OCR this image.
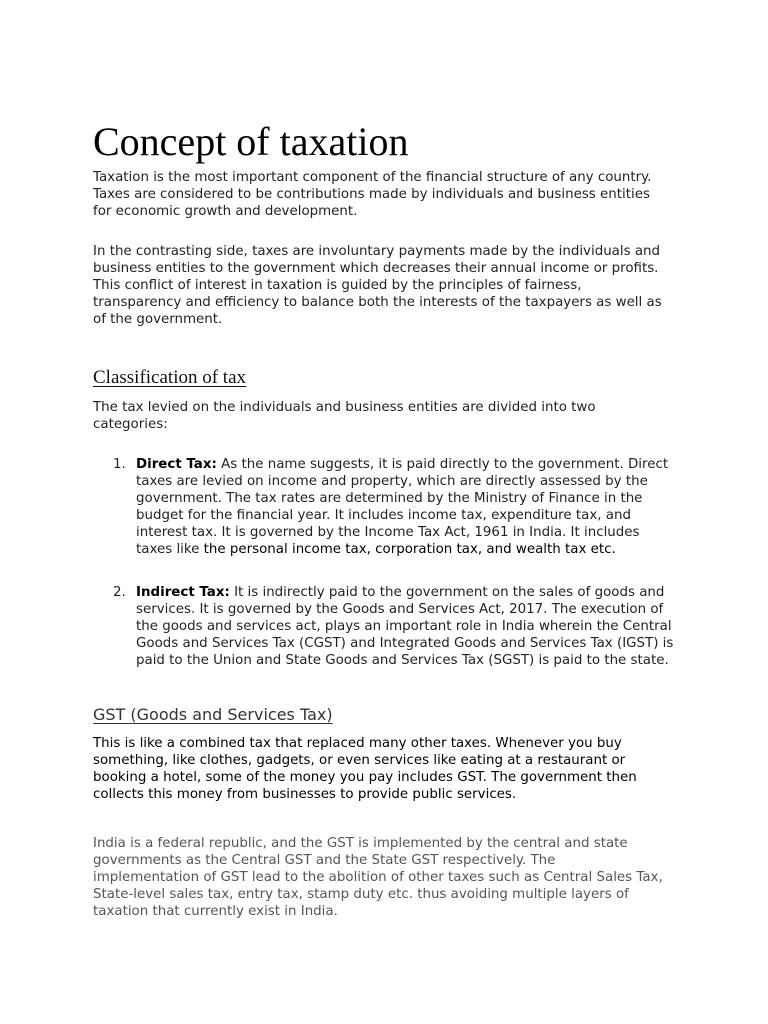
Concept of taxation

Taxation is the most important component of the financial structure of any country. Taxes are considered to be contributions made by individuals and business entities for economic growth and development.

In the contrasting side, taxes are involuntary payments made by the individuals and business entities to the government which decreases their annual income or profits. This conflict of interest in taxation is guided by the principles of fairness, transparency and efficiency to balance both the interests of the taxpayers as well as of the government.

Classification of tax

The tax levied on the individuals and business entities are divided into two categories:

1. Direct Tax: As the name suggests, it is paid directly to the government. Direct taxes are levied on income and property, which are directly assessed by the government. The tax rates are determined by the Ministry of Finance in the budget for the financial year. It includes income tax, expenditure tax, and interest tax. It is governed by the Income Tax Act, 1961 in India. It includes taxes like the personal income tax, corporation tax, and wealth tax etc.
2. Indirect Tax: It is indirectly paid to the government on the sales of goods and services. It is governed by the Goods and Services Act, 2017. The execution of the goods and services act, plays an important role in India wherein the Central Goods and Services Tax (CGST) and Integrated Goods and Services Tax (IGST) is paid to the Union and State Goods and Services Tax (SGST) is paid to the state.
GST (Goods and Services Tax)

This is like a combined tax that replaced many other taxes. Whenever you buy something, like clothes, gadgets, or even services like eating at a restaurant or booking a hotel, some of the money you pay includes GST. The government then collects this money from businesses to provide public services.

India is a federal republic, and the GST is implemented by the central and state governments as the Central GST and the State GST respectively. The implementation of GST lead to the abolition of other taxes such as Central Sales Tax, State-level sales tax, entry tax, stamp duty etc. thus avoiding multiple layers of taxation that currently exist in India.
